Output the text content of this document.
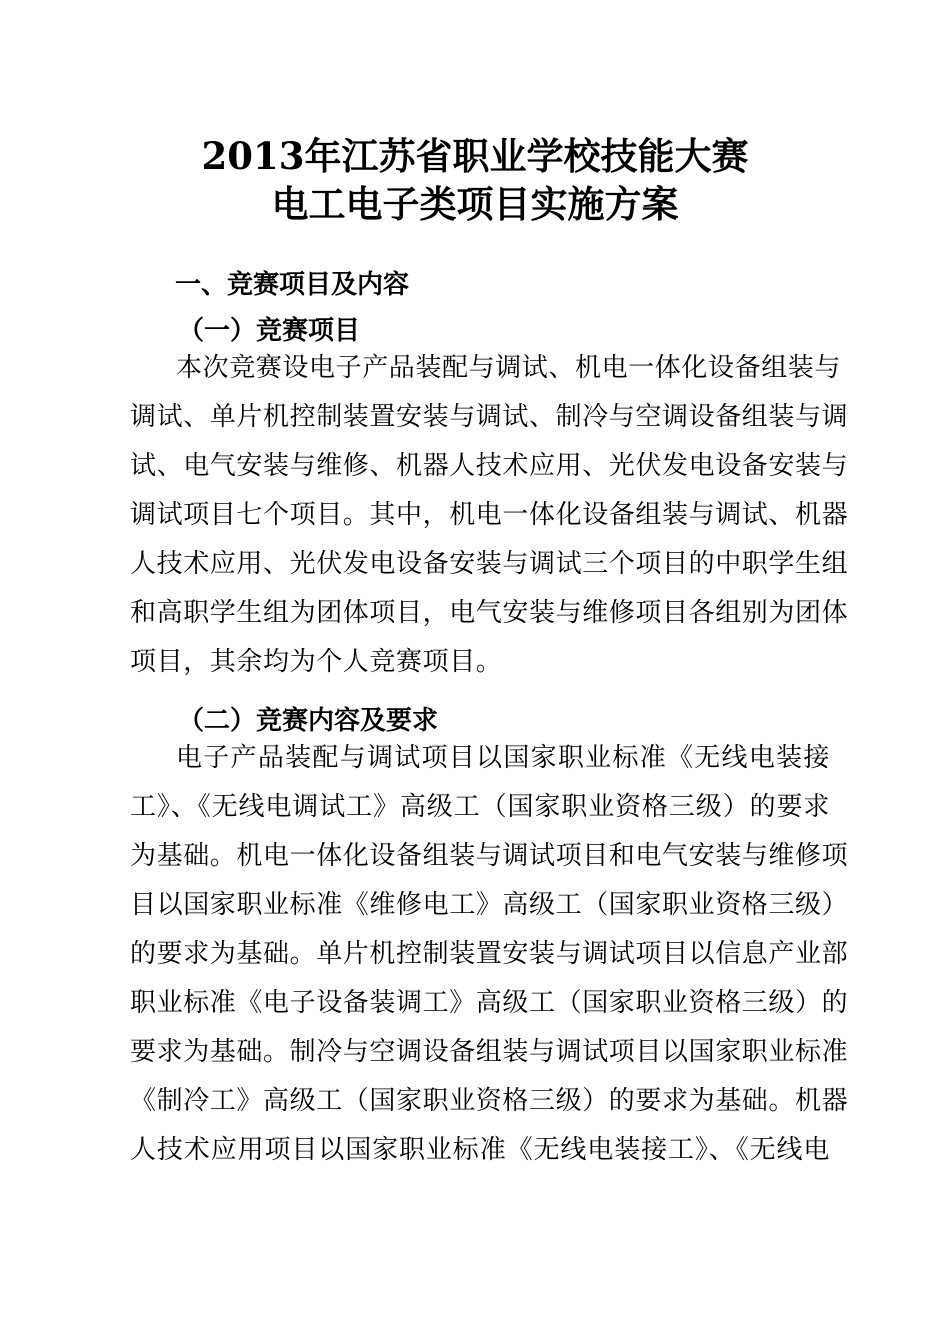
2013年江苏省职业学校技能大赛
电工电子类项目实施方案
一、竞赛项目及内容
（一）竞赛项目
本次竞赛设电子产品装配与调试、机电一体化设备组装与
调试、单片机控制装置安装与调试、制冷与空调设备组装与调
试、电气安装与维修、机器人技术应用、光伏发电设备安装与
调试项目七个项目。其中，机电一体化设备组装与调试、机器
人技术应用、光伏发电设备安装与调试三个项目的中职学生组
和高职学生组为团体项目，电气安装与维修项目各组别为团体
项目，其余均为个人竞赛项目。
（二）竞赛内容及要求
电子产品装配与调试项目以国家职业标准《无线电装接
工》、《无线电调试工》高级工（国家职业资格三级）的要求
为基础。机电一体化设备组装与调试项目和电气安装与维修项
目以国家职业标准《维修电工》高级工（国家职业资格三级）
的要求为基础。单片机控制装置安装与调试项目以信息产业部
职业标准《电子设备装调工》高级工（国家职业资格三级）的
要求为基础。制冷与空调设备组装与调试项目以国家职业标准
《制冷工》高级工（国家职业资格三级）的要求为基础。机器
人技术应用项目以国家职业标准《无线电装接工》、《无线电
